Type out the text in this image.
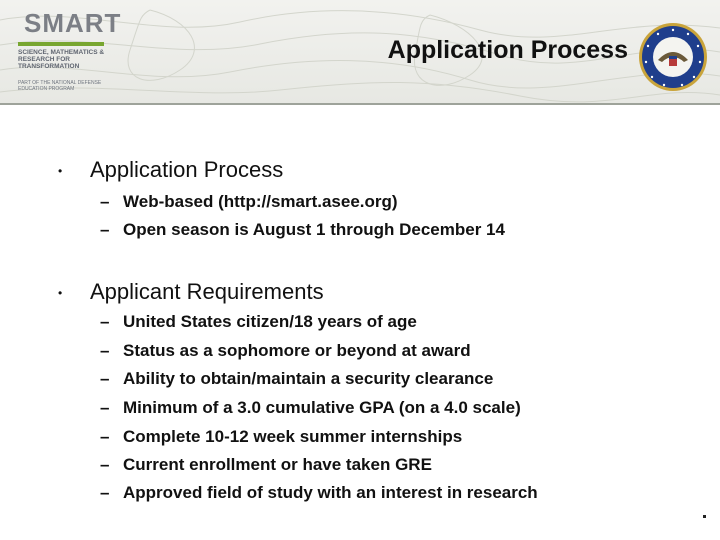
SMART
SCIENCE, MATHEMATICS & RESEARCH FOR TRANSFORMATION
PART OF THE NATIONAL DEFENSE EDUCATION PROGRAM
Application Process
• Application Process
– Web-based (http://smart.asee.org)
– Open season is August 1 through December 14
• Applicant Requirements
– United States citizen/18 years of age
– Status as a sophomore or beyond at award
– Ability to obtain/maintain a security clearance
– Minimum of a 3.0 cumulative GPA (on a 4.0 scale)
– Complete 10-12 week summer internships
– Current enrollment or have taken GRE
– Approved field of study with an interest in research
